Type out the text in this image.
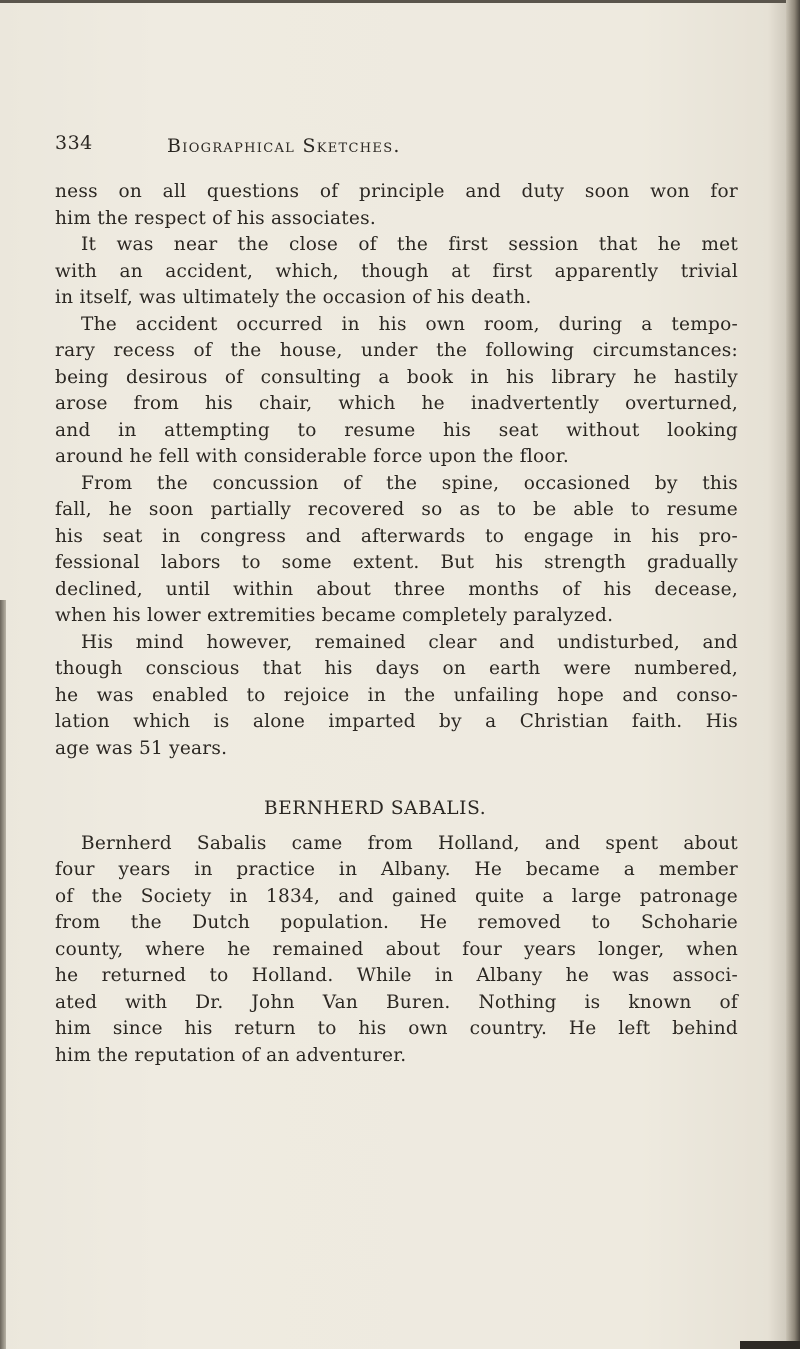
334	Biographical Sketches.
ness on all questions of principle and duty soon won for
him the respect of his associates.
It was near the close of the first session that he met
with an accident, which, though at first apparently trivial
in itself, was ultimately the occasion of his death.
The accident occurred in his own room, during a tempo-
rary recess of the house, under the following circumstances:
being desirous of consulting a book in his library he hastily
arose from his chair, which he inadvertently overturned,
and in attempting to resume his seat without looking
around he fell with considerable force upon the floor.
From the concussion of the spine, occasioned by this
fall, he soon partially recovered so as to be able to resume
his seat in congress and afterwards to engage in his pro-
fessional labors to some extent. But his strength gradually
declined, until within about three months of his decease,
when his lower extremities became completely paralyzed.
His mind however, remained clear and undisturbed, and
though conscious that his days on earth were numbered,
he was enabled to rejoice in the unfailing hope and conso-
lation which is alone imparted by a Christian faith. His
age was 51 years.
BERNHERD SABALIS.
Bernherd Sabalis came from Holland, and spent about
four years in practice in Albany. He became a member
of the Society in 1834, and gained quite a large patronage
from the Dutch population. He removed to Schoharie
county, where he remained about four years longer, when
he returned to Holland. While in Albany he was associ-
ated with Dr. John Van Buren. Nothing is known of
him since his return to his own country. He left behind
him the reputation of an adventurer.
